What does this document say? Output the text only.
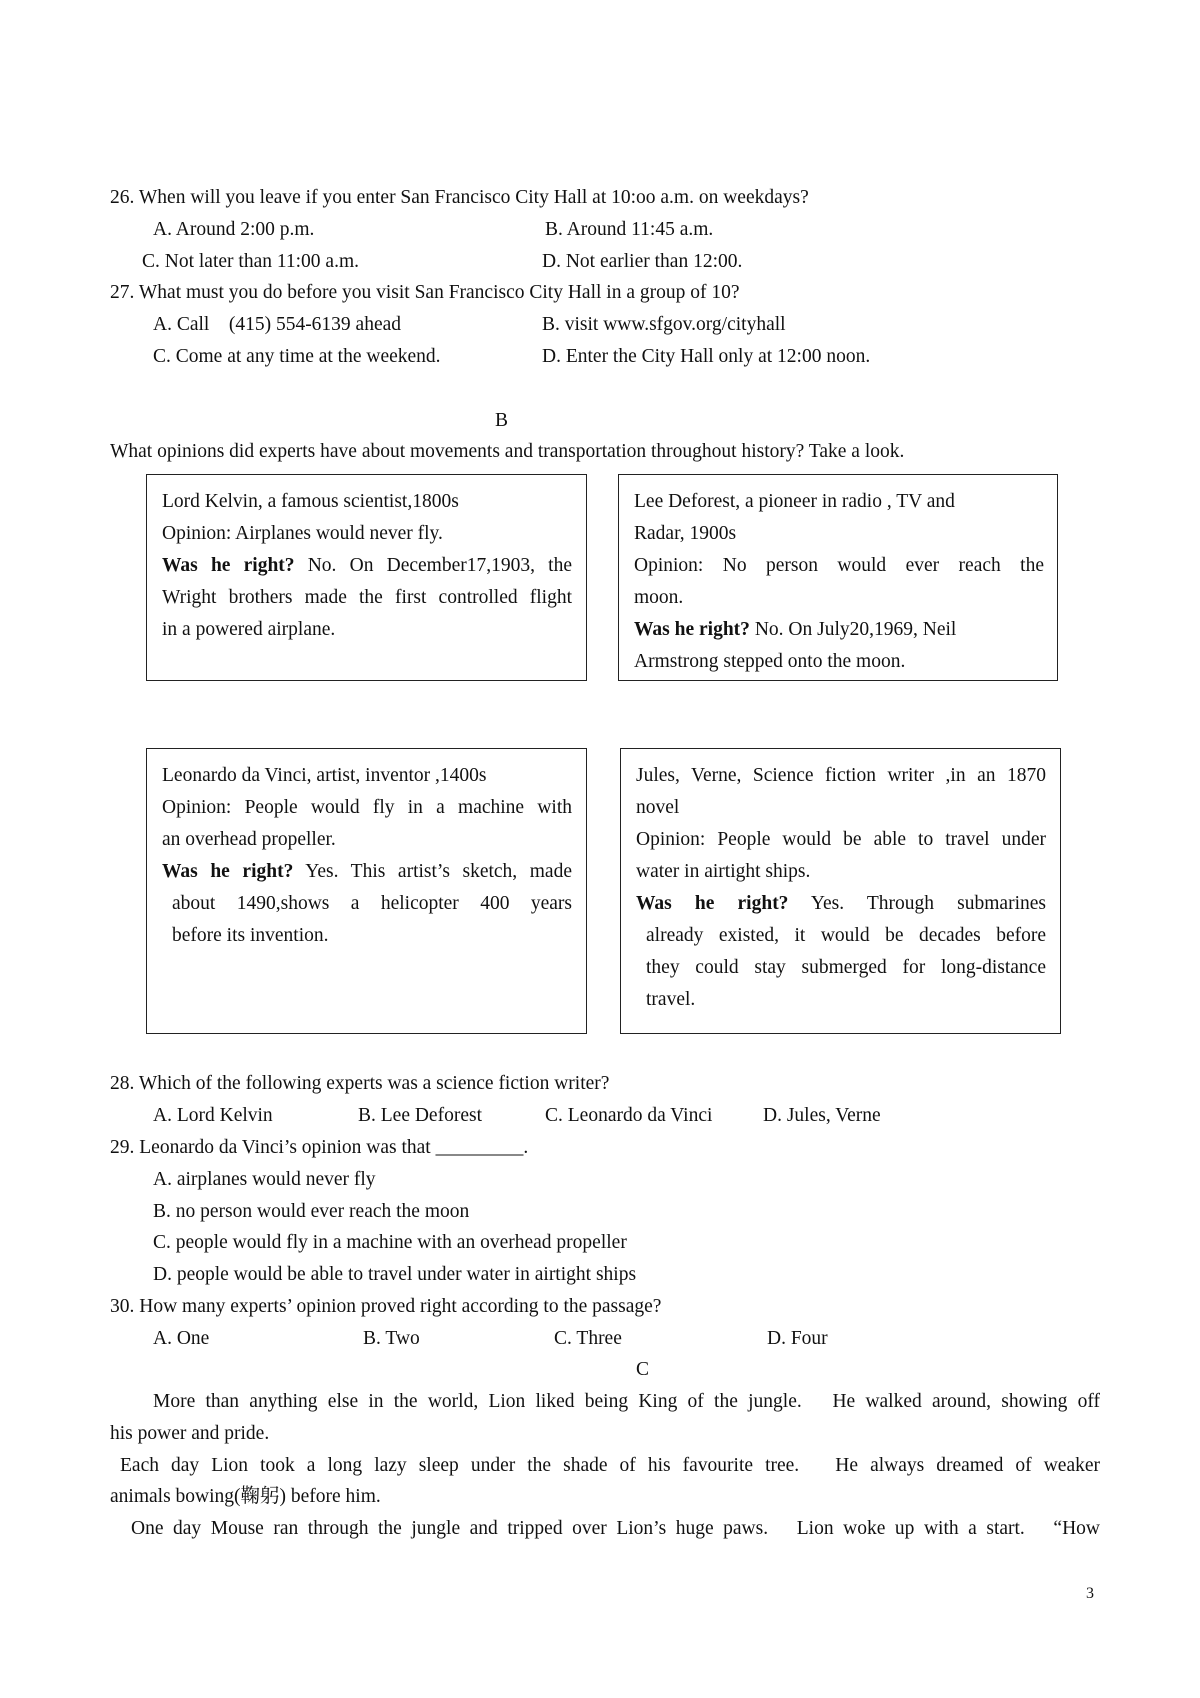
26. When will you leave if you enter San Francisco City Hall at 10:oo a.m. on weekdays?
A. Around 2:00 p.m.	B. Around 11:45 a.m.
C. Not later than 11:00 a.m.	D. Not earlier than 12:00.
27. What must you do before you visit San Francisco City Hall in a group of 10?
A. Call    (415) 554-6139 ahead	B. visit www.sfgov.org/cityhall
C. Come at any time at the weekend.	D. Enter the City Hall only at 12:00 noon.
B
What opinions did experts have about movements and transportation throughout history? Take a look.
Lord Kelvin, a famous scientist,1800s
Opinion: Airplanes would never fly.
Was he right? No. On December17,1903, the
Wright brothers made the first controlled flight
in a powered airplane.
Lee Deforest, a pioneer in radio , TV and
Radar, 1900s
Opinion: No person would ever reach the
moon.
Was he right? No. On July20,1969, Neil
Armstrong stepped onto the moon.
Leonardo da Vinci, artist, inventor ,1400s
Opinion: People would fly in a machine with
an overhead propeller.
Was he right? Yes. This artist’s sketch, made
about 1490,shows a helicopter 400 years
before its invention.
Jules, Verne, Science fiction writer ,in an 1870
novel
Opinion: People would be able to travel under
water in airtight ships.
Was he right? Yes. Through submarines
already existed, it would be decades before
they could stay submerged for long-distance
travel.
28. Which of the following experts was a science fiction writer?
A. Lord Kelvin	B. Lee Deforest	C. Leonardo da Vinci	D. Jules, Verne
29. Leonardo da Vinci’s opinion was that _________.
A. airplanes would never fly
B. no person would ever reach the moon
C. people would fly in a machine with an overhead propeller
D. people would be able to travel under water in airtight ships
30. How many experts’ opinion proved right according to the passage?
A. One	B. Two	C. Three	D. Four
C
More than anything else in the world, Lion liked being King of the jungle.   He walked around, showing off
his power and pride.
Each day Lion took a long lazy sleep under the shade of his favourite tree.   He always dreamed of weaker
animals bowing(鞠躬) before him.
One day Mouse ran through the jungle and tripped over Lion’s huge paws.   Lion woke up with a start.   “How
3
